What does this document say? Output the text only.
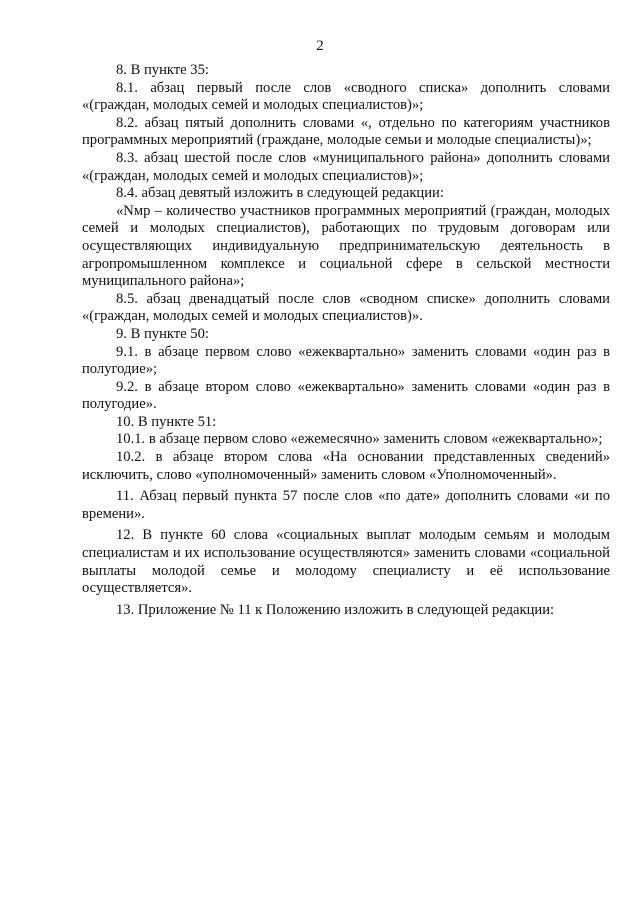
2

8. В пункте 35:

8.1. абзац первый после слов «сводного списка» дополнить словами «(граждан, молодых семей и молодых специалистов)»;

8.2. абзац пятый дополнить словами «, отдельно по категориям участников программных мероприятий (граждане, молодые семьи и молодые специалисты)»;

8.3. абзац шестой после слов «муниципального района» дополнить словами «(граждан, молодых семей и молодых специалистов)»;

8.4. абзац девятый изложить в следующей редакции:

«Nмр – количество участников программных мероприятий (граждан, молодых семей и молодых специалистов), работающих по трудовым договорам или осуществляющих индивидуальную предпринимательскую деятельность в агропромышленном комплексе и социальной сфере в сельской местности муниципального района»;

8.5. абзац двенадцатый после слов «сводном списке» дополнить словами «(граждан, молодых семей и молодых специалистов)».

9. В пункте 50:

9.1. в абзаце первом слово «ежеквартально» заменить словами «один раз в полугодие»;

9.2. в абзаце втором слово «ежеквартально» заменить словами «один раз в полугодие».

10. В пункте 51:

10.1. в абзаце первом слово «ежемесячно» заменить словом «ежеквартально»;

10.2. в абзаце втором слова «На основании представленных сведений» исключить, слово «уполномоченный» заменить словом «Уполномоченный».

11. Абзац первый пункта 57 после слов «по дате» дополнить словами «и по времени».

12. В пункте 60 слова «социальных выплат молодым семьям и молодым специалистам и их использование осуществляются» заменить словами «социальной выплаты молодой семье и молодому специалисту и её использование осуществляется».

13. Приложение № 11 к Положению изложить в следующей редакции:
